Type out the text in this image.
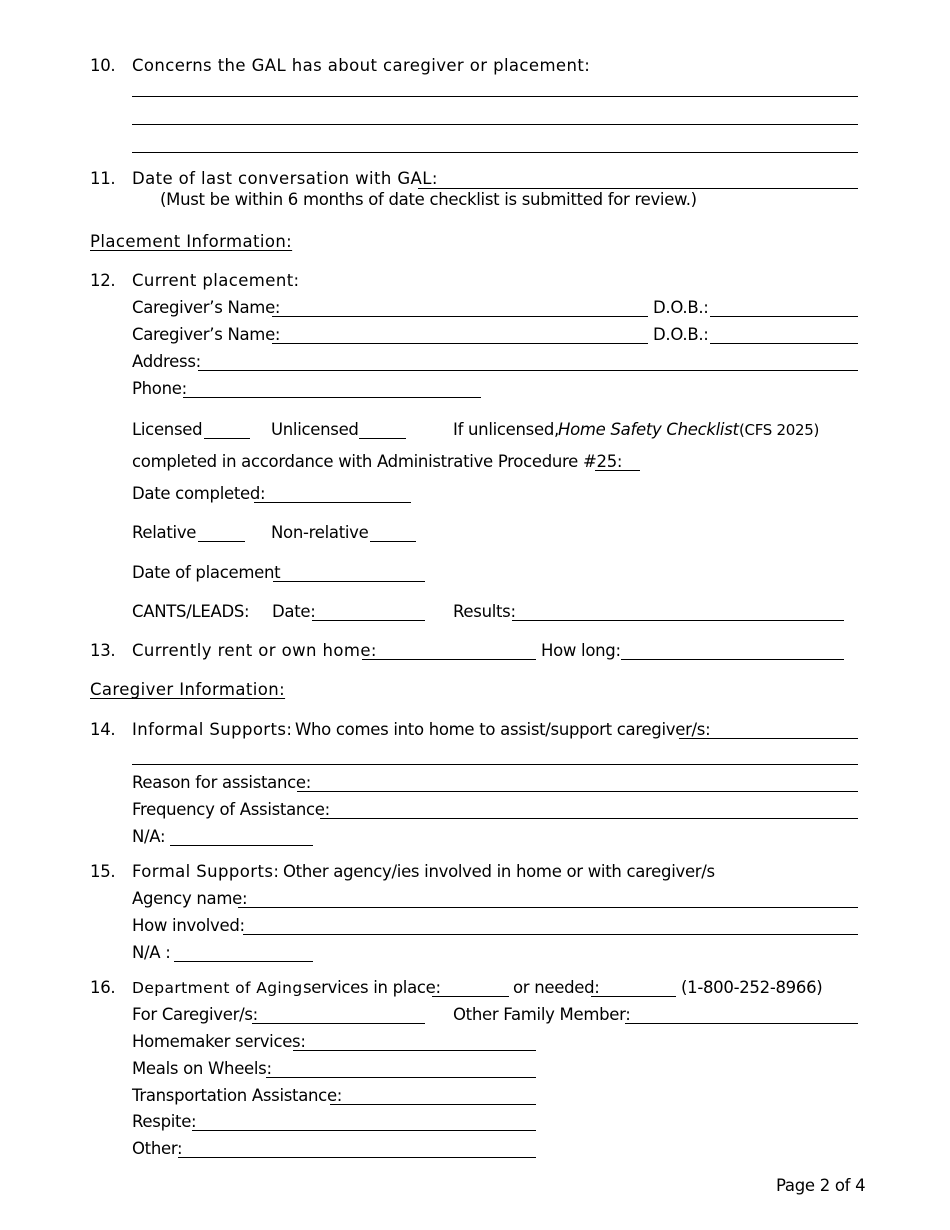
10. Concerns the GAL has about caregiver or placement:
11. Date of last conversation with GAL:
(Must be within 6 months of date checklist is submitted for review.)
Placement Information:
12. Current placement:
Caregiver’s Name:	D.O.B.:
Caregiver’s Name:	D.O.B.:
Address:
Phone:
Licensed	Unlicensed	If unlicensed, Home Safety Checklist (CFS 2025)
completed in accordance with Administrative Procedure #25:
Date completed:
Relative	Non-relative
Date of placement
CANTS/LEADS: Date:	Results:
13. Currently rent or own home:	How long:
Caregiver Information:
14. Informal Supports: Who comes into home to assist/support caregiver/s:
Reason for assistance:
Frequency of Assistance:
N/A:
15. Formal Supports: Other agency/ies involved in home or with caregiver/s
Agency name:
How involved:
N/A :
16. Department of Aging services in place:	or needed:	(1-800-252-8966)
For Caregiver/s:	Other Family Member:
Homemaker services:
Meals on Wheels:
Transportation Assistance:
Respite:
Other:
Page 2 of 4
